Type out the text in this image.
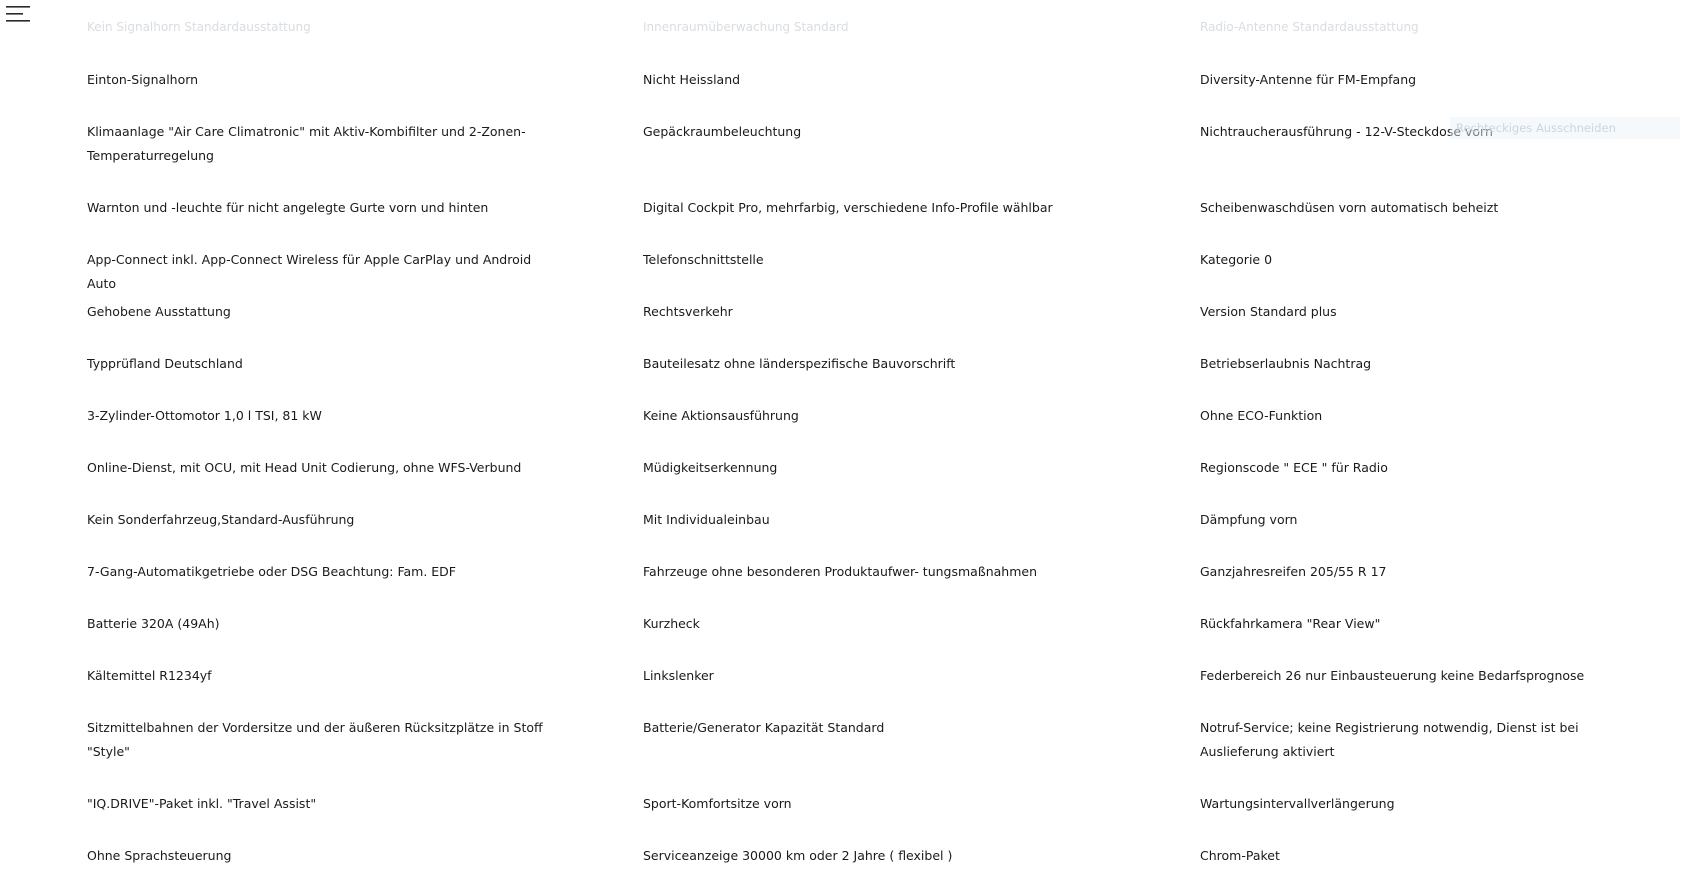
Kein Signalhorn Standardausstattung	Innenraumüberwachung Standard	Radio-Antenne Standardausstattung
Einton-Signalhorn
Klimaanlage "Air Care Climatronic" mit Aktiv-Kombifilter und 2-Zonen-Temperaturregelung
Warnton und -leuchte für nicht angelegte Gurte vorn und hinten
App-Connect inkl. App-Connect Wireless für Apple CarPlay und Android Auto
Gehobene Ausstattung
Typprüfland Deutschland
3-Zylinder-Ottomotor 1,0 l TSI, 81 kW
Online-Dienst, mit OCU, mit Head Unit Codierung, ohne WFS-Verbund
Kein Sonderfahrzeug,Standard-Ausführung
7-Gang-Automatikgetriebe oder DSG Beachtung: Fam. EDF
Batterie 320A (49Ah)
Kältemittel R1234yf
Sitzmittelbahnen der Vordersitze und der äußeren Rücksitzplätze in Stoff "Style"
"IQ.DRIVE"-Paket inkl. "Travel Assist"
Ohne Sprachsteuerung
Nicht Heissland
Gepäckraumbeleuchtung
Digital Cockpit Pro, mehrfarbig, verschiedene Info-Profile wählbar
Telefonschnittstelle
Rechtsverkehr
Bauteilesatz ohne länderspezifische Bauvorschrift
Keine Aktionsausführung
Müdigkeitserkennung
Mit Individualeinbau
Fahrzeuge ohne besonderen Produktaufwer- tungsmaßnahmen
Kurzheck
Linkslenker
Batterie/Generator Kapazität Standard
Sport-Komfortsitze vorn
Serviceanzeige 30000 km oder 2 Jahre ( flexibel )
Diversity-Antenne für FM-Empfang
Nichtraucherausführung - 12-V-Steckdose vorn
Scheibenwaschdüsen vorn automatisch beheizt
Kategorie 0
Version Standard plus
Betriebserlaubnis Nachtrag
Ohne ECO-Funktion
Regionscode " ECE " für Radio
Dämpfung vorn
Ganzjahresreifen 205/55 R 17
Rückfahrkamera "Rear View"
Federbereich 26 nur Einbausteuerung keine Bedarfsprognose
Notruf-Service; keine Registrierung notwendig, Dienst ist bei Auslieferung aktiviert
Wartungsintervallverlängerung
Chrom-Paket
Rechteckiges Ausschneiden
